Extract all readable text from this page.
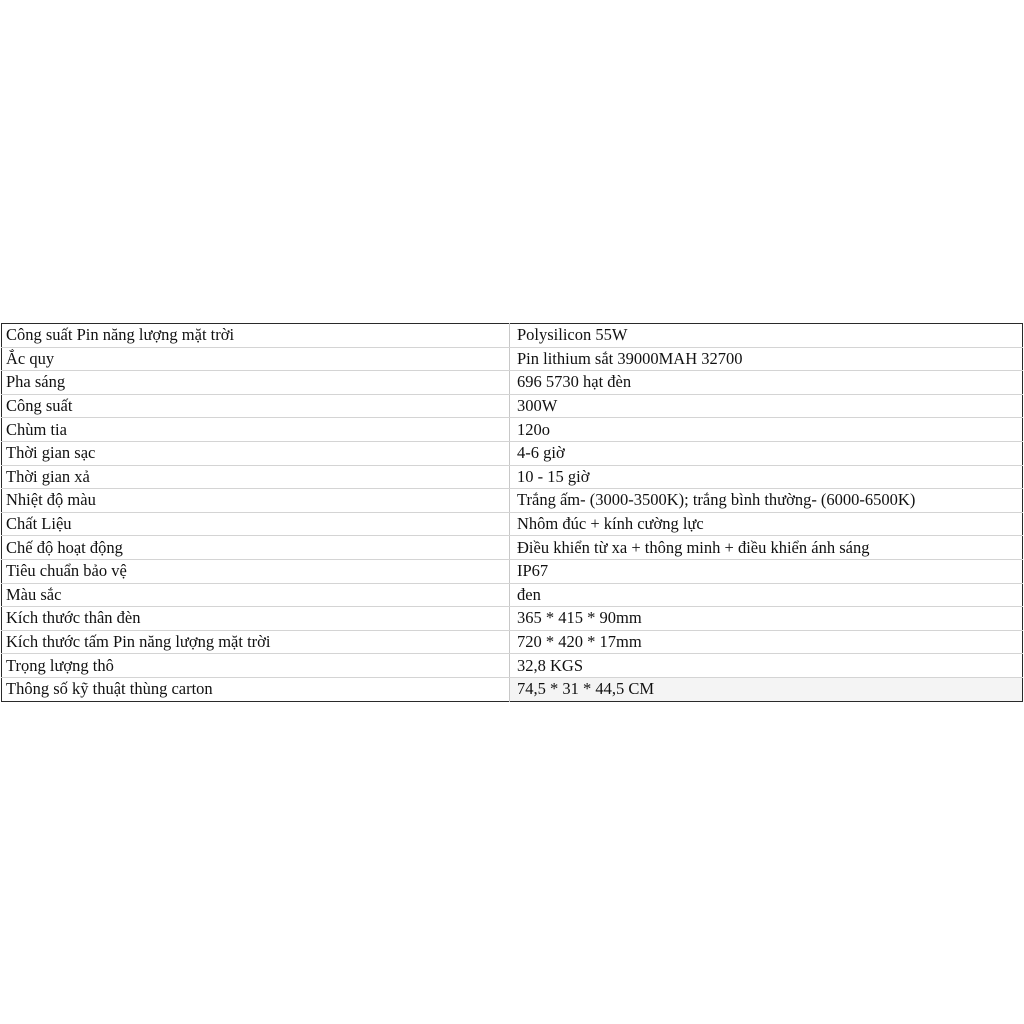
Công suất Pin năng lượng mặt trời	Polysilicon 55W
Ắc quy	Pin lithium sắt 39000MAH 32700
Pha sáng	696 5730 hạt đèn
Công suất	300W
Chùm tia	120o
Thời gian sạc	4-6 giờ
Thời gian xả	10 - 15 giờ
Nhiệt độ màu	Trắng ấm- (3000-3500K); trắng bình thường- (6000-6500K)
Chất Liệu	Nhôm đúc + kính cường lực
Chế độ hoạt động	Điều khiển từ xa + thông minh + điều khiển ánh sáng
Tiêu chuẩn bảo vệ	IP67
Màu sắc	đen
Kích thước thân đèn	365 * 415 * 90mm
Kích thước tấm Pin năng lượng mặt trời	720 * 420 * 17mm
Trọng lượng thô	32,8 KGS
Thông số kỹ thuật thùng carton	74,5 * 31 * 44,5 CM
